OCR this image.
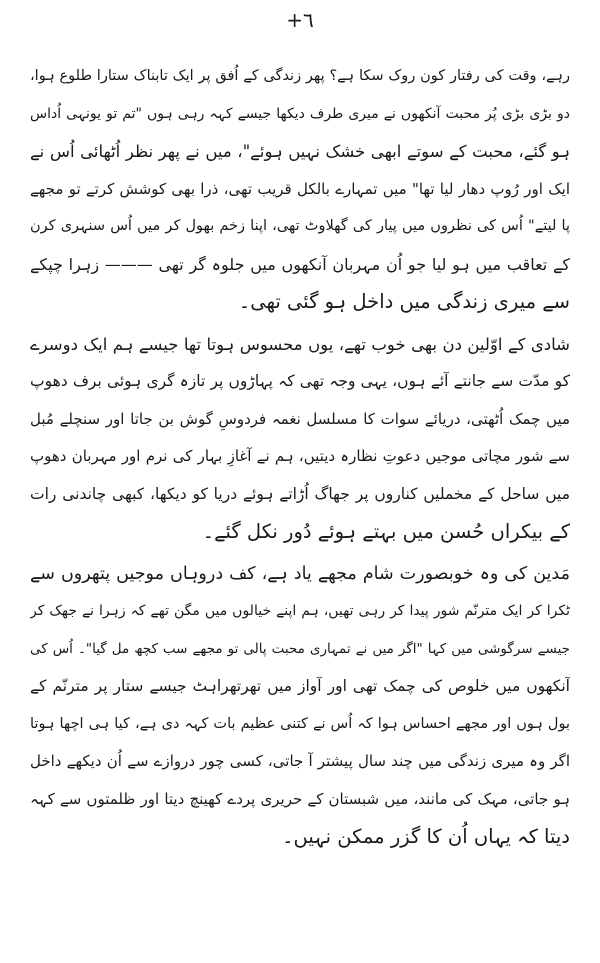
+٦
رہے، وقت کی رفتار کون روک سکا ہے؟ پھر زندگی کے اُفق پر ایک تابناک ستارا طلوع ہوا،
دو بڑی بڑی پُر محبت آنکھوں نے میری طرف دیکھا جیسے کہہ رہی ہوں "تم تو یونہی اُداس
ہو گئے، محبت کے سوتے ابھی خشک نہیں ہوئے"، میں نے پھر نظر اُٹھائی اُس نے
ایک اور رُوپ دھار لیا تھا" میں تمہارے بالکل قریب تھی، ذرا بھی کوشش کرتے تو مجھے
پا لیتے" اُس کی نظروں میں پیار کی گھلاوٹ تھی، اپنا زخم بھول کر میں اُس سنہری کرن
کے تعاقب میں ہو لیا جو اُن مہربان آنکھوں میں جلوہ گر تھی ——— زہرا چپکے
سے میری زندگی میں داخل ہو گئی تھی۔
شادی کے اوّلین دن بھی خوب تھے، یوں محسوس ہوتا تھا جیسے ہم ایک دوسرے
کو مدّت سے جانتے آئے ہوں، یہی وجہ تھی کہ پہاڑوں پر تازہ گری ہوئی برف دھوپ
میں چمک اُٹھتی، دریائے سوات کا مسلسل نغمہ فردوسِ گوش بن جاتا اور سنچلے مُبل
سے شور مچاتی موجیں دعوتِ نظارہ دیتیں، ہم نے آغازِ بہار کی نرم اور مہربان دھوپ
میں ساحل کے مخملیں کناروں پر جھاگ اُڑاتے ہوئے دریا کو دیکھا، کبھی چاندنی رات
کے بیکراں حُسن میں بہتے ہوئے دُور نکل گئے۔
مَدین کی وہ خوبصورت شام مجھے یاد ہے، کف دروہاں موجیں پتھروں سے
ٹکرا کر ایک مترنّم شور پیدا کر رہی تھیں، ہم اپنے خیالوں میں مگن تھے کہ زہرا نے جھک کر
جیسے سرگوشی میں کہا "اگر میں نے تمہاری محبت پالی تو مجھے سب کچھ مل گیا"۔ اُس کی
آنکھوں میں خلوص کی چمک تھی اور آواز میں تھرتھراہٹ جیسے ستار پر مترنّم کے
بول ہوں اور مجھے احساس ہوا کہ اُس نے کتنی عظیم بات کہہ دی ہے، کیا ہی اچھا ہوتا
اگر وہ میری زندگی میں چند سال پیشتر آ جاتی، کسی چور دروازے سے اُن دیکھے داخل
ہو جاتی، مہک کی مانند، میں شبستان کے حریری پردے کھینچ دیتا اور ظلمتوں سے کہہ
دیتا کہ یہاں اُن کا گزر ممکن نہیں۔
